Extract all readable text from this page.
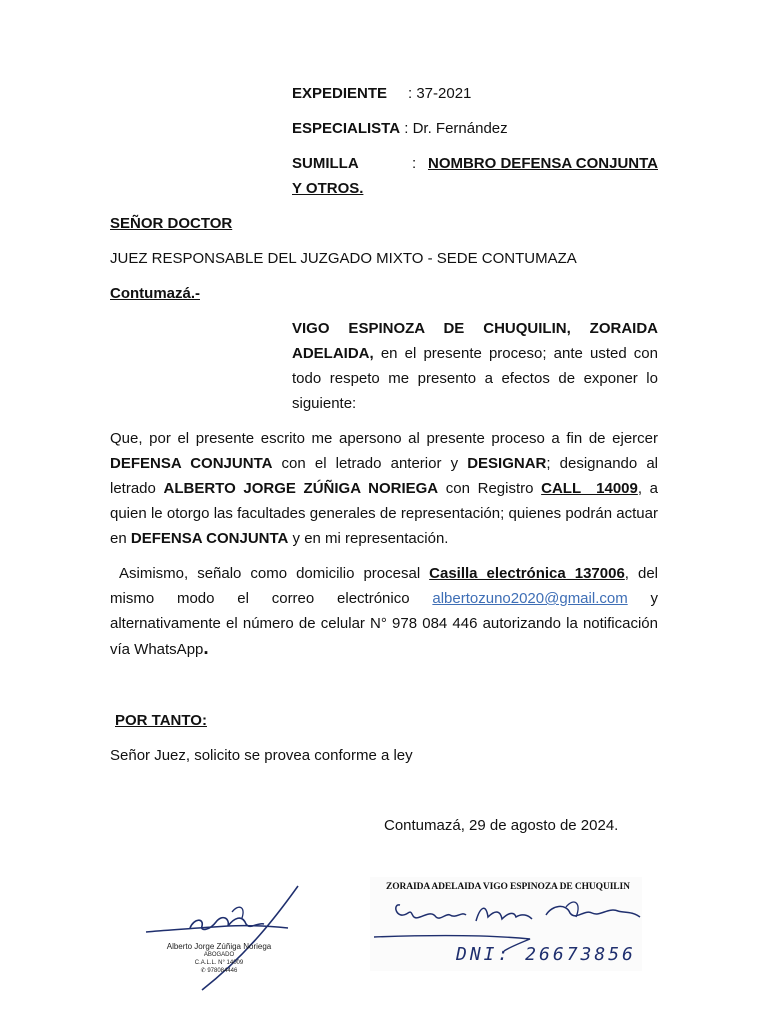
EXPEDIENTE : 37-2021
ESPECIALISTA : Dr. Fernández
SUMILLA	: NOMBRO DEFENSA CONJUNTA
Y OTROS.
SEÑOR DOCTOR
JUEZ RESPONSABLE DEL JUZGADO MIXTO - SEDE CONTUMAZA
Contumazá.-
VIGO ESPINOZA DE CHUQUILIN, ZORAIDA ADELAIDA, en el presente proceso; ante usted con todo respeto me presento a efectos de exponer lo siguiente:
Que, por el presente escrito me apersono al presente proceso a fin de ejercer DEFENSA CONJUNTA con el letrado anterior y DESIGNAR; designando al letrado ALBERTO JORGE ZÚÑIGA NORIEGA con Registro CALL  14009, a quien le otorgo las facultades generales de representación; quienes podrán actuar en DEFENSA CONJUNTA y en mi representación.
Asimismo, señalo como domicilio procesal Casilla electrónica 137006, del mismo modo el correo electrónico albertozuno2020@gmail.com y alternativamente el número de celular N° 978 084 446 autorizando la notificación vía WhatsApp.
POR TANTO:
Señor Juez, solicito se provea conforme a ley
Contumazá, 29 de agosto de 2024.
Alberto Jorge Zúñiga Noriega
ABOGADO
C.A.L.L. N° 14009
✆ 978084446
ZORAIDA ADELAIDA VIGO ESPINOZA DE CHUQUILIN
DNI: 26673856
